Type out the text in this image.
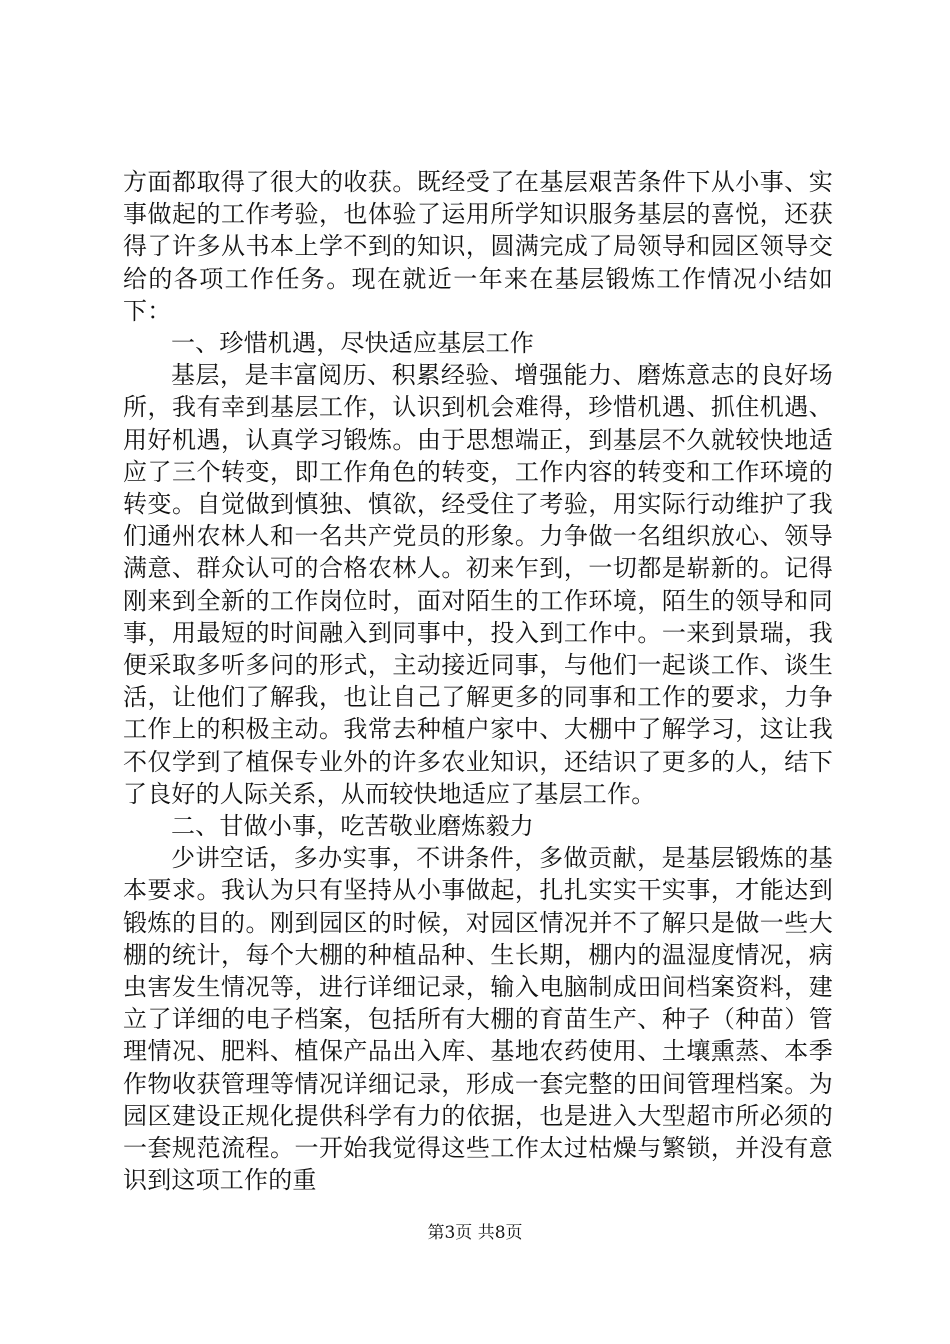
方面都取得了很大的收获。既经受了在基层艰苦条件下从小事、实事做起的工作考验，也体验了运用所学知识服务基层的喜悦，还获得了许多从书本上学不到的知识，圆满完成了局领导和园区领导交给的各项工作任务。现在就近一年来在基层锻炼工作情况小结如下：

一、珍惜机遇，尽快适应基层工作

基层，是丰富阅历、积累经验、增强能力、磨炼意志的良好场所，我有幸到基层工作，认识到机会难得，珍惜机遇、抓住机遇、用好机遇，认真学习锻炼。由于思想端正，到基层不久就较快地适应了三个转变，即工作角色的转变，工作内容的转变和工作环境的转变。自觉做到慎独、慎欲，经受住了考验，用实际行动维护了我们通州农林人和一名共产党员的形象。力争做一名组织放心、领导满意、群众认可的合格农林人。初来乍到，一切都是崭新的。记得刚来到全新的工作岗位时，面对陌生的工作环境，陌生的领导和同事，用最短的时间融入到同事中，投入到工作中。一来到景瑞，我便采取多听多问的形式，主动接近同事，与他们一起谈工作、谈生活，让他们了解我，也让自己了解更多的同事和工作的要求，力争工作上的积极主动。我常去种植户家中、大棚中了解学习，这让我不仅学到了植保专业外的许多农业知识，还结识了更多的人，结下了良好的人际关系，从而较快地适应了基层工作。

二、甘做小事，吃苦敬业磨炼毅力

少讲空话，多办实事，不讲条件，多做贡献，是基层锻炼的基本要求。我认为只有坚持从小事做起，扎扎实实干实事，才能达到锻炼的目的。刚到园区的时候，对园区情况并不了解只是做一些大棚的统计，每个大棚的种植品种、生长期，棚内的温湿度情况，病虫害发生情况等，进行详细记录，输入电脑制成田间档案资料，建立了详细的电子档案，包括所有大棚的育苗生产、种子（种苗）管理情况、肥料、植保产品出入库、基地农药使用、土壤熏蒸、本季作物收获管理等情况详细记录，形成一套完整的田间管理档案。为园区建设正规化提供科学有力的依据，也是进入大型超市所必须的一套规范流程。一开始我觉得这些工作太过枯燥与繁锁，并没有意识到这项工作的重

第3页 共8页
